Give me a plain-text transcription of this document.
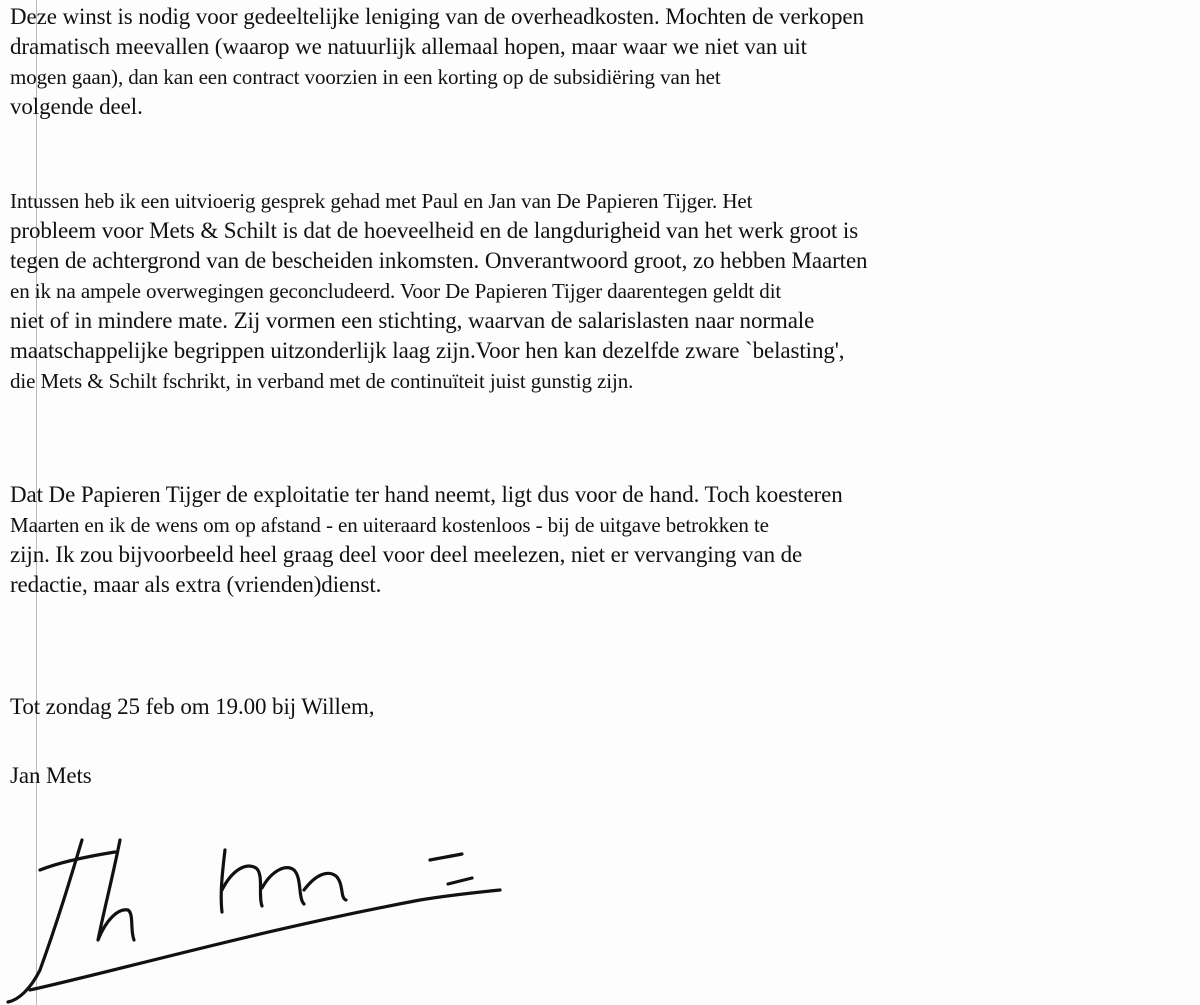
Deze winst is nodig voor gedeeltelijke leniging van de overheadkosten. Mochten de verkopen
dramatisch meevallen (waarop we natuurlijk allemaal hopen, maar waar we niet van uit
mogen gaan), dan kan een contract voorzien in een korting op de subsidiëring van het
volgende deel.
Intussen heb ik een uitvioerig gesprek gehad met Paul en Jan van De Papieren Tijger. Het
probleem voor Mets & Schilt is dat de hoeveelheid en de langdurigheid van het werk groot is
tegen de achtergrond van de bescheiden inkomsten. Onverantwoord groot, zo hebben Maarten
en ik na ampele overwegingen geconcludeerd. Voor De Papieren Tijger daarentegen geldt dit
niet of in mindere mate. Zij vormen een stichting, waarvan de salarislasten naar normale
maatschappelijke begrippen uitzonderlijk laag zijn.Voor hen kan dezelfde zware `belasting',
die Mets & Schilt fschrikt, in verband met de continuïteit juist gunstig zijn.
Dat De Papieren Tijger de exploitatie ter hand neemt, ligt dus voor de hand. Toch koesteren
Maarten en ik de wens om op afstand - en uiteraard kostenloos - bij de uitgave betrokken te
zijn. Ik zou bijvoorbeeld heel graag deel voor deel meelezen, niet er vervanging van de
redactie, maar als extra (vrienden)dienst.
Tot zondag 25 feb om 19.00 bij Willem,
Jan Mets
